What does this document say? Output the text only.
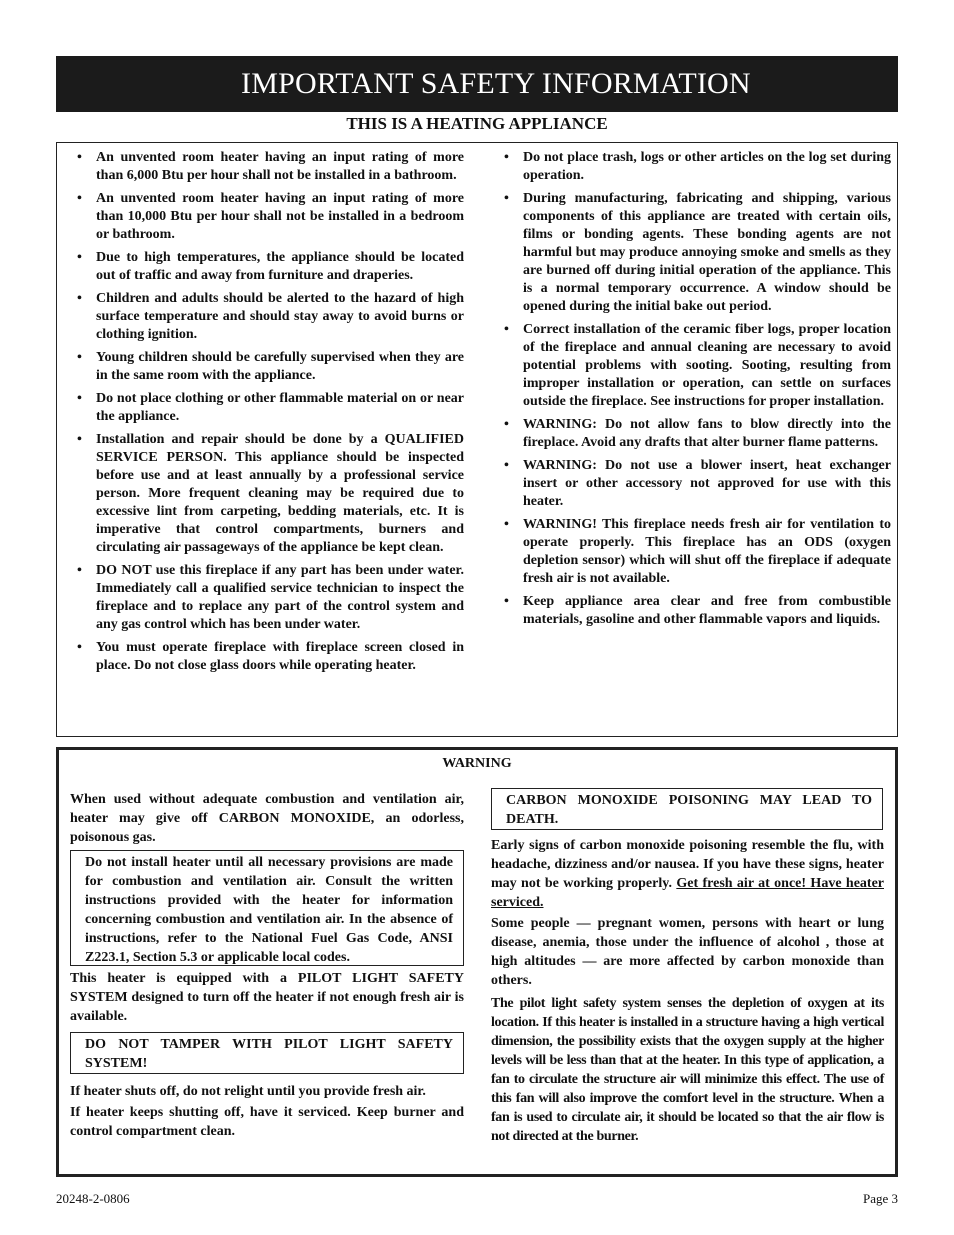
IMPORTANT SAFETY INFORMATION
THIS IS A HEATING APPLIANCE
• An unvented room heater having an input rating of more than 6,000 Btu per hour shall not be installed in a bathroom.
• An unvented room heater having an input rating of more than 10,000 Btu per hour shall not be installed in a bedroom or bathroom.
• Due to high temperatures, the appliance should be located out of traffic and away from furniture and draperies.
• Children and adults should be alerted to the hazard of high surface temperature and should stay away to avoid burns or clothing ignition.
• Young children should be carefully supervised when they are in the same room with the appliance.
• Do not place clothing or other flammable material on or near the appliance.
• Installation and repair should be done by a QUALIFIED SERVICE PERSON. This appliance should be inspected before use and at least annually by a professional service person. More frequent cleaning may be required due to excessive lint from carpeting, bedding materials, etc. It is imperative that control compartments, burners and circulating air passageways of the appliance be kept clean.
• DO NOT use this fireplace if any part has been under water. Immediately call a qualified service technician to inspect the fireplace and to replace any part of the control system and any gas control which has been under water.
• You must operate fireplace with fireplace screen closed in place. Do not close glass doors while operating heater.
• Do not place trash, logs or other articles on the log set during operation.
• During manufacturing, fabricating and shipping, various components of this appliance are treated with certain oils, films or bonding agents. These bonding agents are not harmful but may produce annoying smoke and smells as they are burned off during initial operation of the appliance. This is a normal temporary occurrence. A window should be opened during the initial bake out period.
• Correct installation of the ceramic fiber logs, proper location of the fireplace and annual cleaning are necessary to avoid potential problems with sooting. Sooting, resulting from improper installation or operation, can settle on surfaces outside the fireplace. See instructions for proper installation.
• WARNING: Do not allow fans to blow directly into the fireplace. Avoid any drafts that alter burner flame patterns.
• WARNING: Do not use a blower insert, heat exchanger insert or other accessory not approved for use with this heater.
• WARNING! This fireplace needs fresh air for ventilation to operate properly. This fireplace has an ODS (oxygen depletion sensor) which will shut off the fireplace if adequate fresh air is not available.
• Keep appliance area clear and free from combustible materials, gasoline and other flammable vapors and liquids.
WARNING
When used without adequate combustion and ventilation air, heater may give off CARBON MONOXIDE, an odorless, poisonous gas.
Do not install heater until all necessary provisions are made for combustion and ventilation air. Consult the written instructions provided with the heater for information concerning combustion and ventilation air. In the absence of instructions, refer to the National Fuel Gas Code, ANSI Z223.1, Section 5.3 or applicable local codes.
This heater is equipped with a PILOT LIGHT SAFETY SYSTEM designed to turn off the heater if not enough fresh air is available.
DO NOT TAMPER WITH PILOT LIGHT SAFETY SYSTEM!
If heater shuts off, do not relight until you provide fresh air.
If heater keeps shutting off, have it serviced. Keep burner and control compartment clean.
CARBON MONOXIDE POISONING MAY LEAD TO DEATH.
Early signs of carbon monoxide poisoning resemble the flu, with headache, dizziness and/or nausea. If you have these signs, heater may not be working properly. Get fresh air at once! Have heater serviced.
Some people — pregnant women, persons with heart or lung disease, anemia, those under the influence of alcohol , those at high altitudes — are more affected by carbon monoxide than others.
The pilot light safety system senses the depletion of oxygen at its location. If this heater is installed in a structure having a high vertical dimension, the possibility exists that the oxygen supply at the higher levels will be less than that at the heater. In this type of application, a fan to circulate the structure air will minimize this effect. The use of this fan will also improve the comfort level in the structure. When a fan is used to circulate air, it should be located so that the air flow is not directed at the burner.
20248-2-0806	Page 3
